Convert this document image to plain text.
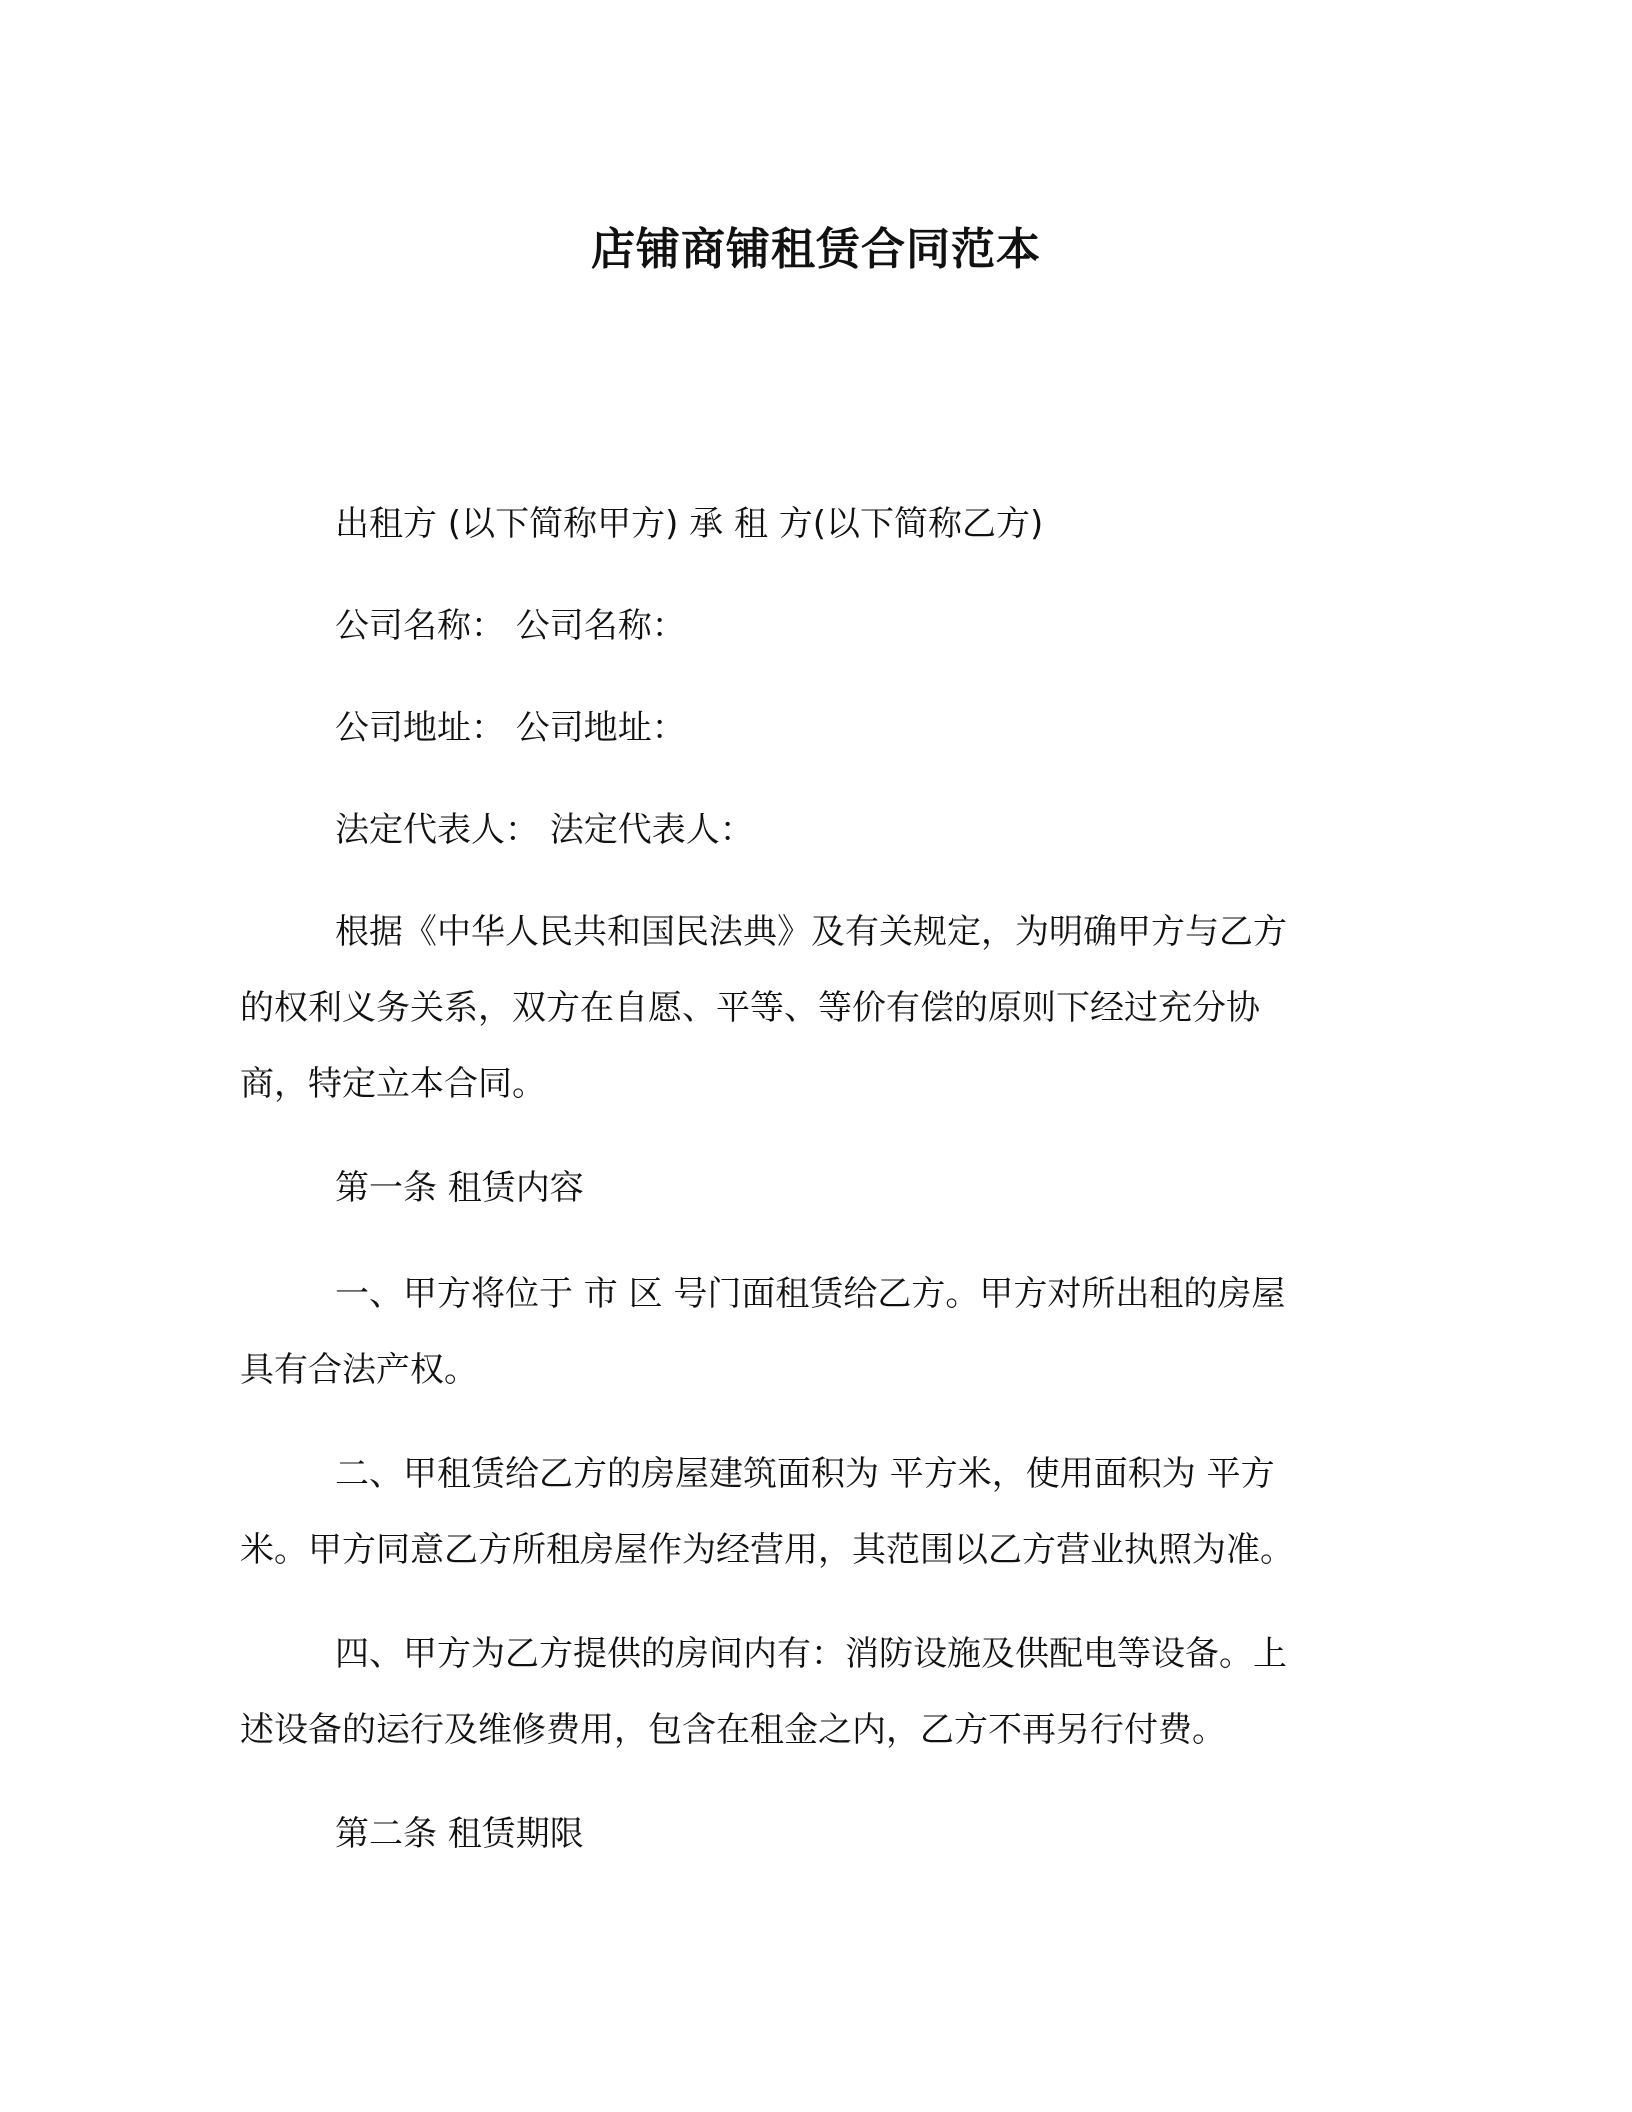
店铺商铺租赁合同范本

出租方 (以下简称甲方) 承 租 方(以下简称乙方)

公司名称： 公司名称：

公司地址： 公司地址：

法定代表人： 法定代表人：

根据《中华人民共和国民法典》及有关规定，为明确甲方与乙方
的权利义务关系，双方在自愿、平等、等价有偿的原则下经过充分协
商，特定立本合同。

第一条 租赁内容

一、甲方将位于 市 区 号门面租赁给乙方。甲方对所出租的房屋
具有合法产权。
二、甲租赁给乙方的房屋建筑面积为 平方米，使用面积为 平方
米。甲方同意乙方所租房屋作为经营用，其范围以乙方营业执照为准。
四、甲方为乙方提供的房间内有：消防设施及供配电等设备。上
述设备的运行及维修费用，包含在租金之内，乙方不再另行付费。

第二条 租赁期限
